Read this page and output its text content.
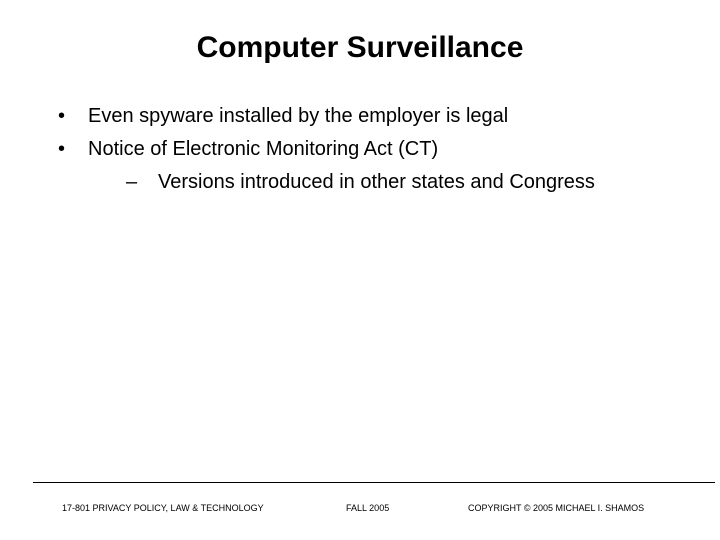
Computer Surveillance
•	Even spyware installed by the employer is legal
•	Notice of Electronic Monitoring Act (CT)
–	Versions introduced in other states and Congress
17-801 PRIVACY POLICY, LAW & TECHNOLOGY	FALL 2005	COPYRIGHT © 2005 MICHAEL I. SHAMOS
